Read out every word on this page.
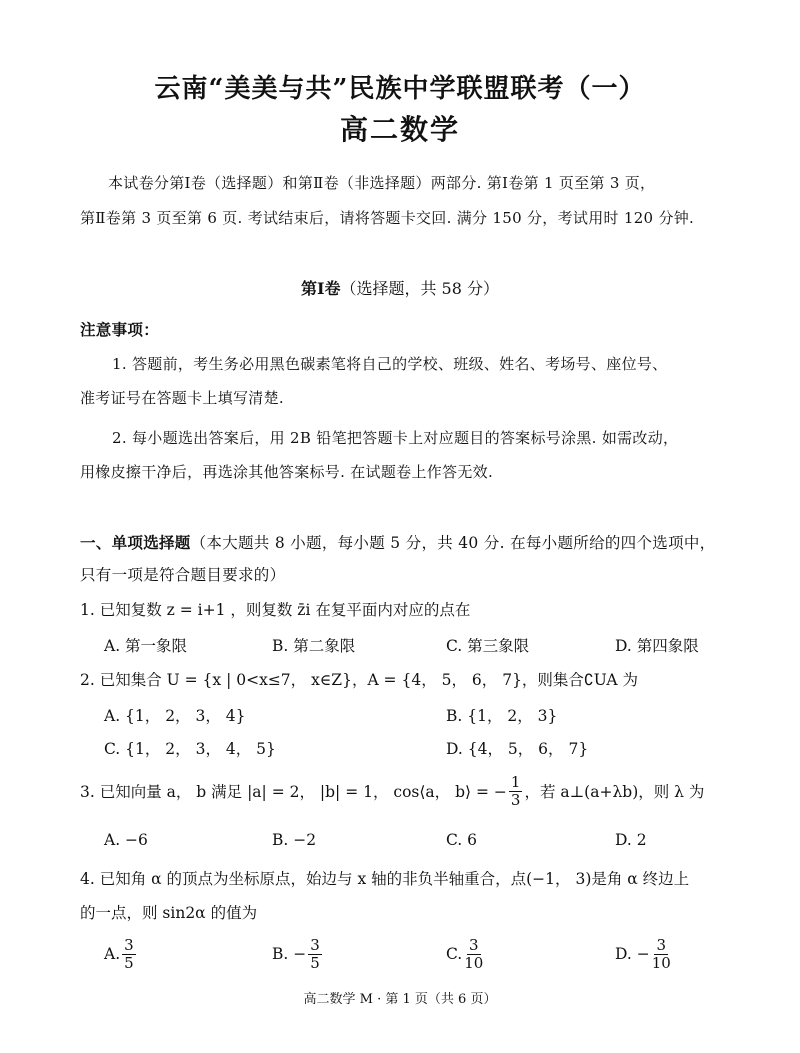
云南“美美与共”民族中学联盟联考（一）
高二数学
本试卷分第Ⅰ卷（选择题）和第Ⅱ卷（非选择题）两部分. 第Ⅰ卷第 1 页至第 3 页，
第Ⅱ卷第 3 页至第 6 页. 考试结束后，请将答题卡交回. 满分 150 分，考试用时 120 分钟.
第Ⅰ卷（选择题，共 58 分）
注意事项：
1. 答题前，考生务必用黑色碳素笔将自己的学校、班级、姓名、考场号、座位号、
准考证号在答题卡上填写清楚.
2. 每小题选出答案后，用 2B 铅笔把答题卡上对应题目的答案标号涂黑. 如需改动，
用橡皮擦干净后，再选涂其他答案标号. 在试题卷上作答无效.
一、单项选择题（本大题共 8 小题，每小题 5 分，共 40 分. 在每小题所给的四个选项中，
只有一项是符合题目要求的）
1. 已知复数 z = i+1 ，则复数 z̄i 在复平面内对应的点在
A. 第一象限	B. 第二象限	C. 第三象限	D. 第四象限
2. 已知集合 U = {x | 0<x≤7， x∈Z}，A = {4， 5， 6， 7}，则集合∁UA 为
A. {1， 2， 3， 4}	B. {1， 2， 3}
C. {1， 2， 3， 4， 5}	D. {4， 5， 6， 7}
3. 已知向量 a， b 满足 |a| = 2， |b| = 1， cos⟨a， b⟩ = − $\frac{1}{3}$ ，若 a⊥(a+λb)，则 λ 为
A. −6	B. −2	C. 6	D. 2
4. 已知角 α 的顶点为坐标原点，始边与 x 轴的非负半轴重合，点(−1， 3)是角 α 终边上
的一点，则 sin2α 的值为
A. $\frac{3}{5}$	B. − $\frac{3}{5}$	C. $\frac{3}{10}$	D. − $\frac{3}{10}$
高二数学 M · 第 1 页（共 6 页）
